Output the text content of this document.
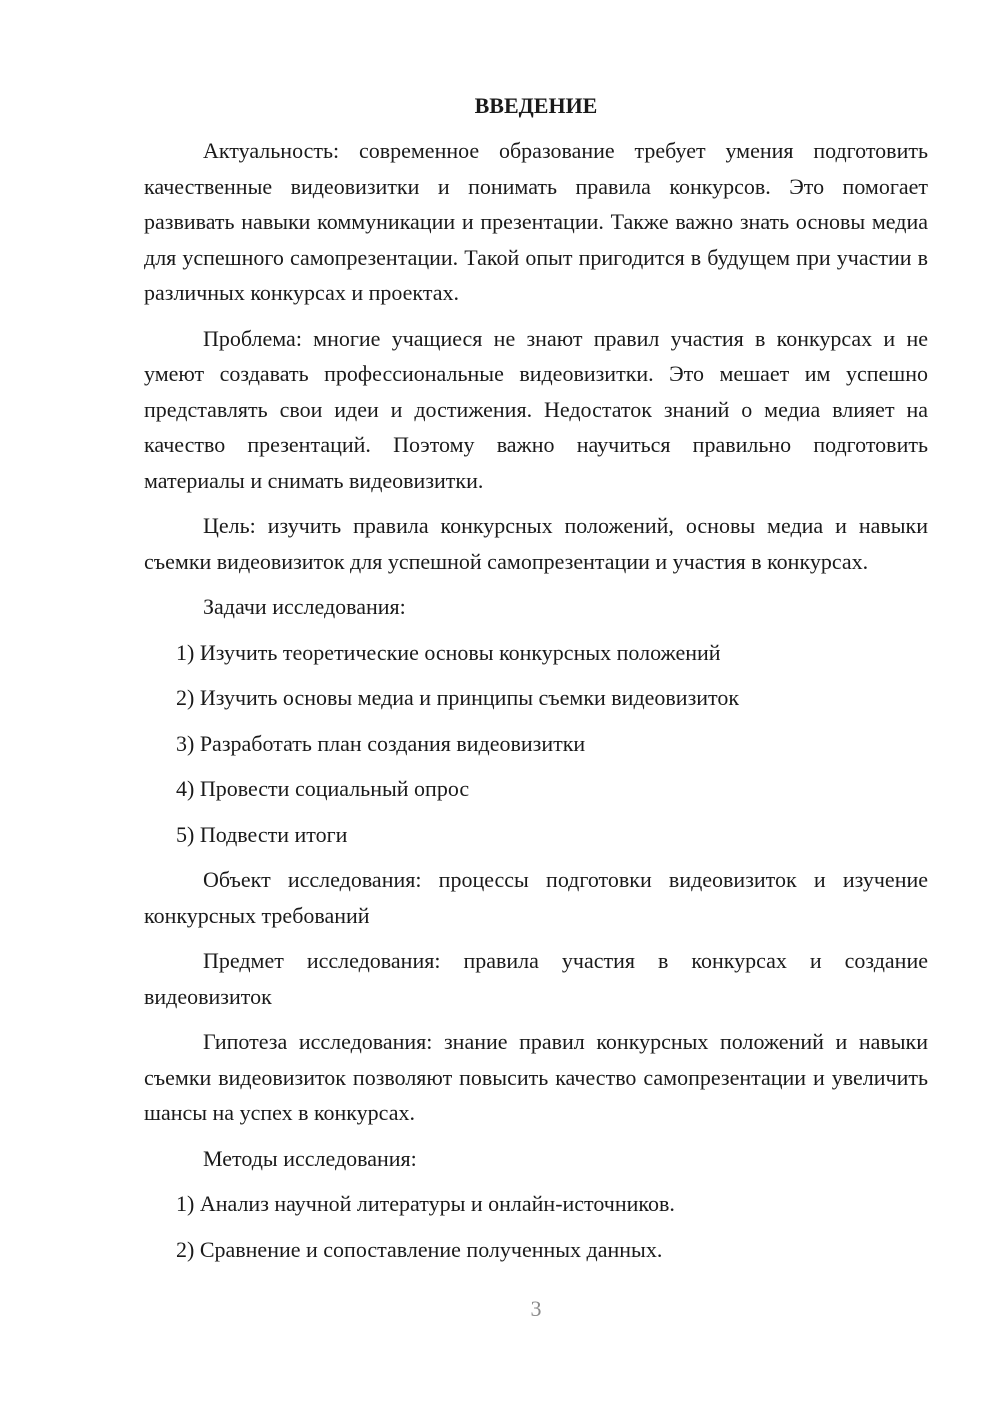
ВВЕДЕНИЕ

Актуальность: современное образование требует умения подготовить качественные видеовизитки и понимать правила конкурсов. Это помогает развивать навыки коммуникации и презентации. Также важно знать основы медиа для успешного самопрезентации. Такой опыт пригодится в будущем при участии в различных конкурсах и проектах.

Проблема: многие учащиеся не знают правил участия в конкурсах и не умеют создавать профессиональные видеовизитки. Это мешает им успешно представлять свои идеи и достижения. Недостаток знаний о медиа влияет на качество презентаций. Поэтому важно научиться правильно подготовить материалы и снимать видеовизитки.

Цель: изучить правила конкурсных положений, основы медиа и навыки съемки видеовизиток для успешной самопрезентации и участия в конкурсах.

Задачи исследования:

1) Изучить теоретические основы конкурсных положений
2) Изучить основы медиа и принципы съемки видеовизиток
3) Разработать план создания видеовизитки
4) Провести социальный опрос
5) Подвести итоги

Объект исследования: процессы подготовки видеовизиток и изучение конкурсных требований

Предмет исследования: правила участия в конкурсах и создание видеовизиток

Гипотеза исследования: знание правил конкурсных положений и навыки съемки видеовизиток позволяют повысить качество самопрезентации и увеличить шансы на успех в конкурсах.

Методы исследования:

1) Анализ научной литературы и онлайн-источников.
2) Сравнение и сопоставление полученных данных.
3
